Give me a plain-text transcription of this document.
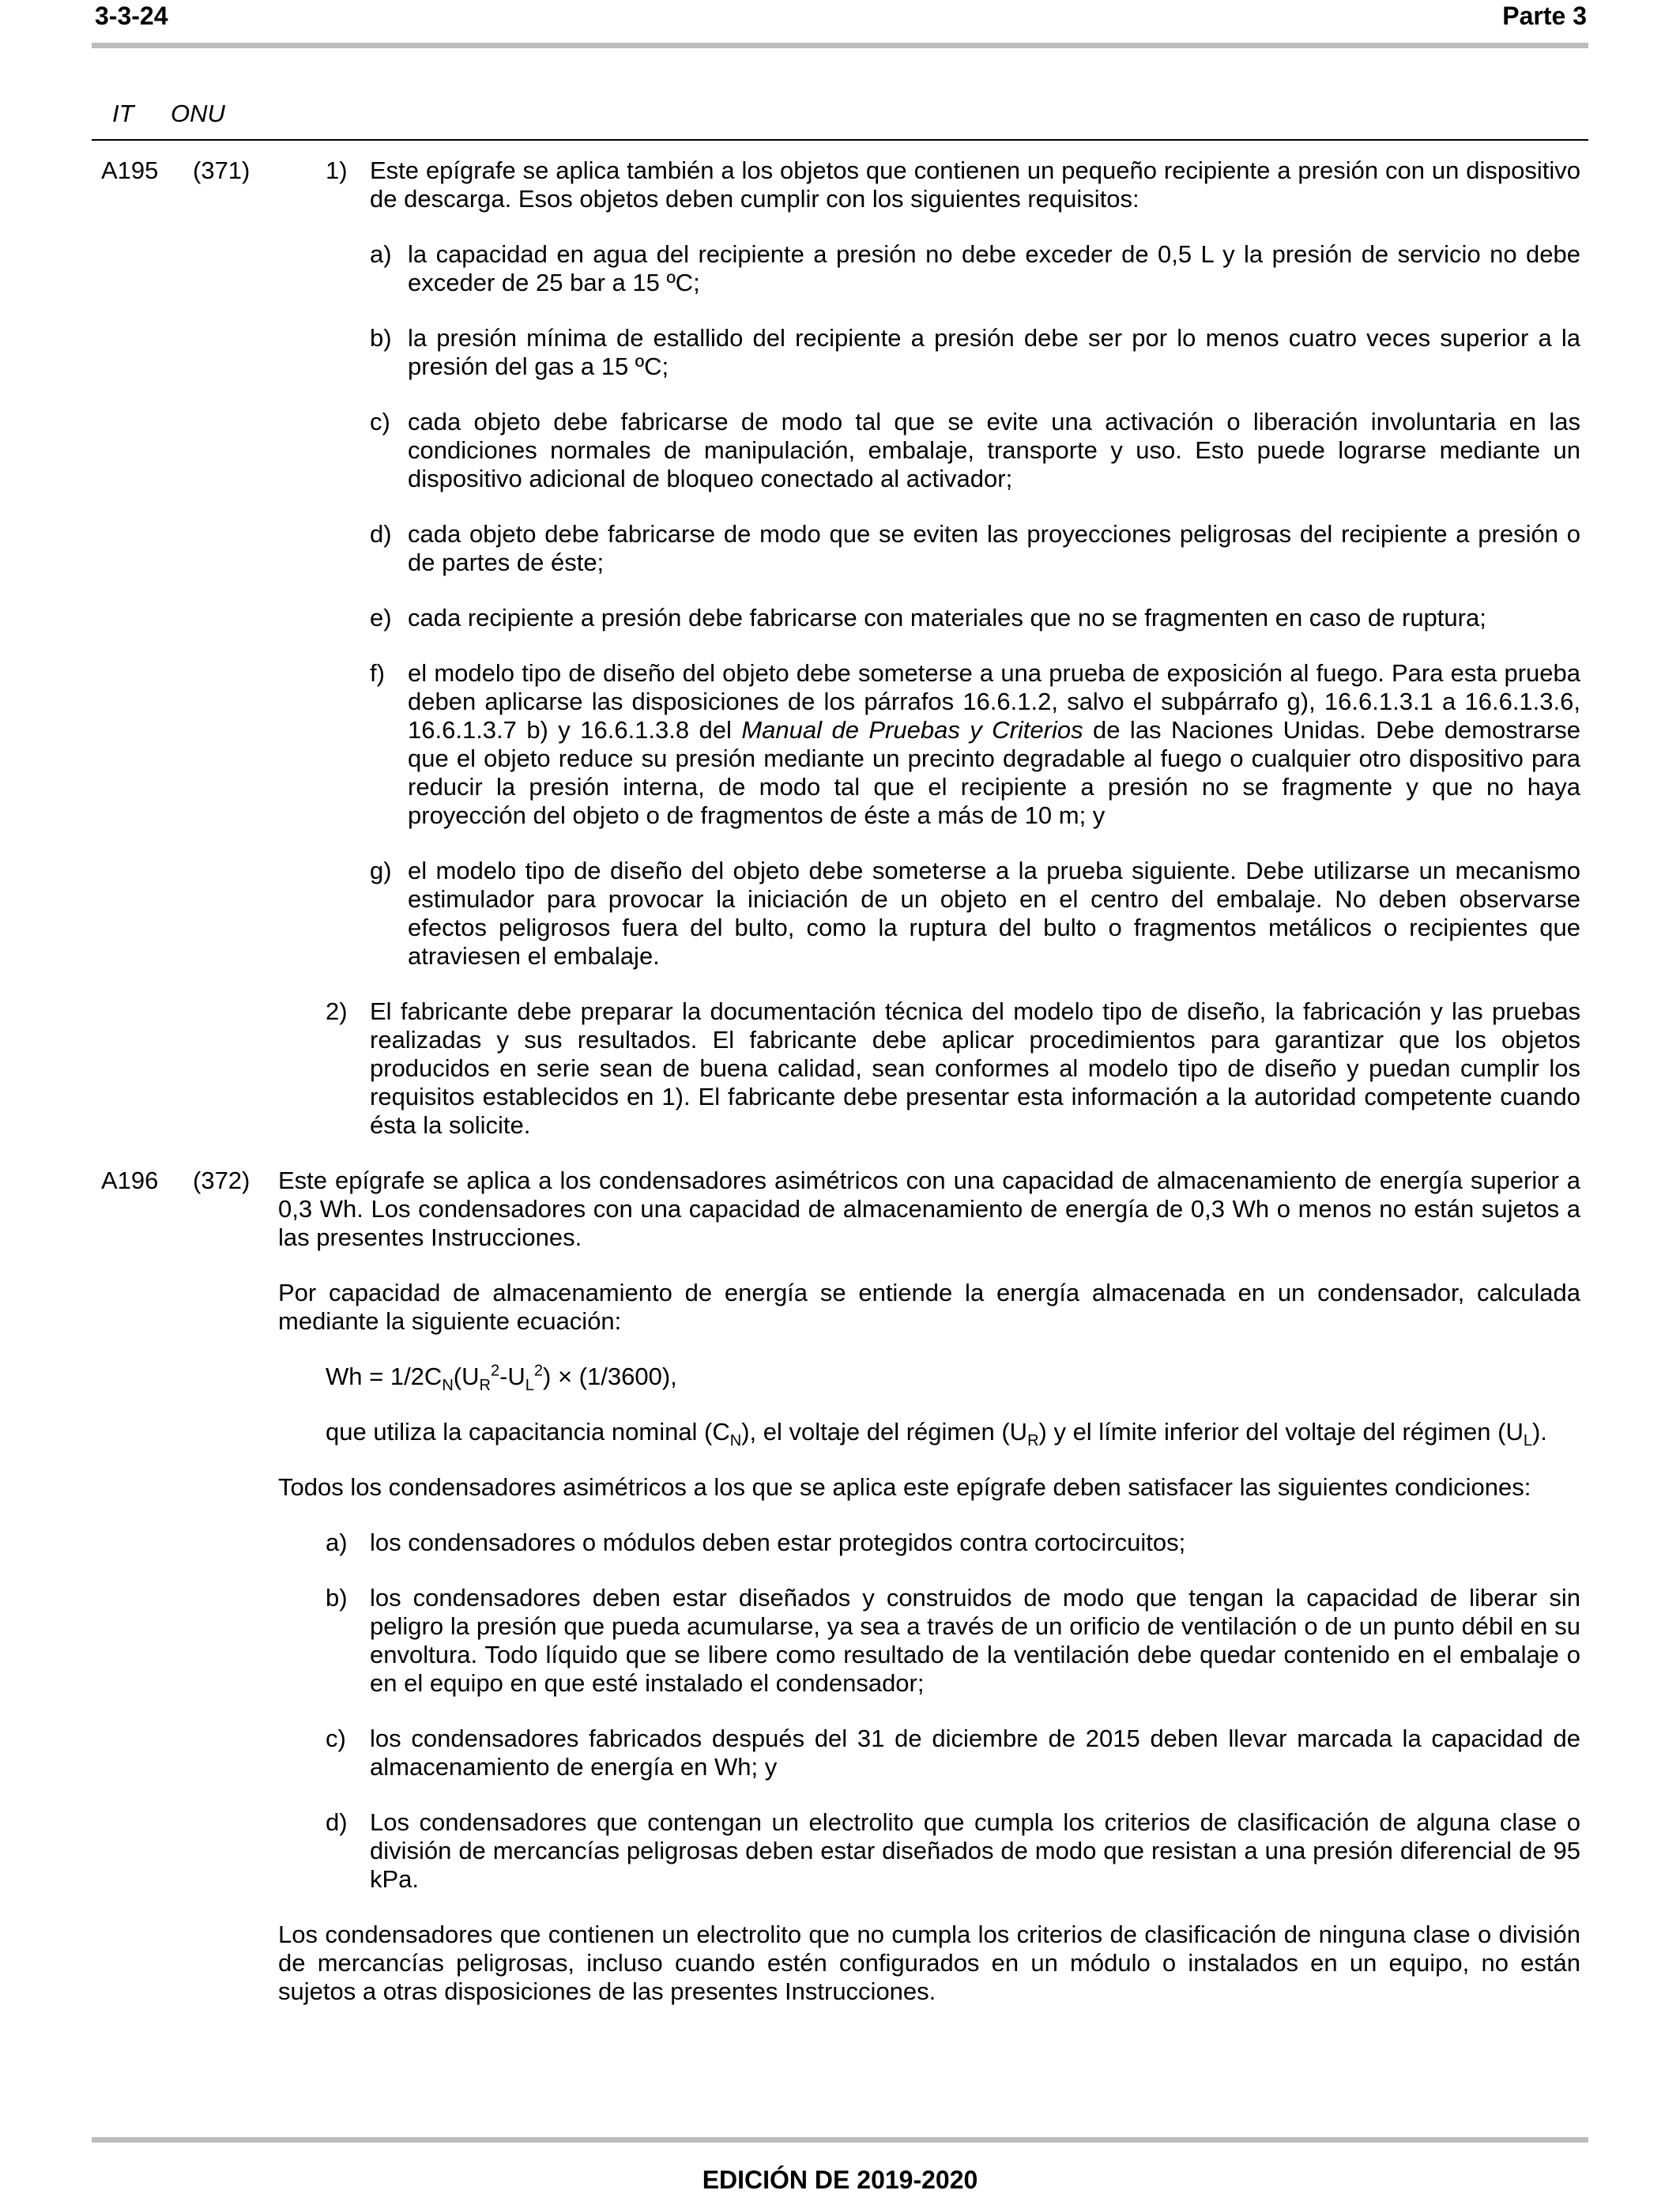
3-3-24	Parte 3
IT ONU
A195 (371)	1) Este epígrafe se aplica también a los objetos que contienen un pequeño recipiente a presión con un dispositivo de descarga. Esos objetos deben cumplir con los siguientes requisitos:

a) la capacidad en agua del recipiente a presión no debe exceder de 0,5 L y la presión de servicio no debe exceder de 25 bar a 15 ºC;

b) la presión mínima de estallido del recipiente a presión debe ser por lo menos cuatro veces superior a la presión del gas a 15 ºC;

c) cada objeto debe fabricarse de modo tal que se evite una activación o liberación involuntaria en las condiciones normales de manipulación, embalaje, transporte y uso. Esto puede lograrse mediante un dispositivo adicional de bloqueo conectado al activador;

d) cada objeto debe fabricarse de modo que se eviten las proyecciones peligrosas del recipiente a presión o de partes de éste;

e) cada recipiente a presión debe fabricarse con materiales que no se fragmenten en caso de ruptura;

f) el modelo tipo de diseño del objeto debe someterse a una prueba de exposición al fuego. Para esta prueba deben aplicarse las disposiciones de los párrafos 16.6.1.2, salvo el subpárrafo g), 16.6.1.3.1 a 16.6.1.3.6, 16.6.1.3.7 b) y 16.6.1.3.8 del Manual de Pruebas y Criterios de las Naciones Unidas. Debe demostrarse que el objeto reduce su presión mediante un precinto degradable al fuego o cualquier otro dispositivo para reducir la presión interna, de modo tal que el recipiente a presión no se fragmente y que no haya proyección del objeto o de fragmentos de éste a más de 10 m; y

g) el modelo tipo de diseño del objeto debe someterse a la prueba siguiente. Debe utilizarse un mecanismo estimulador para provocar la iniciación de un objeto en el centro del embalaje. No deben observarse efectos peligrosos fuera del bulto, como la ruptura del bulto o fragmentos metálicos o recipientes que atraviesen el embalaje.

2) El fabricante debe preparar la documentación técnica del modelo tipo de diseño, la fabricación y las pruebas realizadas y sus resultados. El fabricante debe aplicar procedimientos para garantizar que los objetos producidos en serie sean de buena calidad, sean conformes al modelo tipo de diseño y puedan cumplir los requisitos establecidos en 1). El fabricante debe presentar esta información a la autoridad competente cuando ésta la solicite.

A196 (372) Este epígrafe se aplica a los condensadores asimétricos con una capacidad de almacenamiento de energía superior a 0,3 Wh. Los condensadores con una capacidad de almacenamiento de energía de 0,3 Wh o menos no están sujetos a las presentes Instrucciones.

Por capacidad de almacenamiento de energía se entiende la energía almacenada en un condensador, calculada mediante la siguiente ecuación:

$Wh = 1/2C_N(U_R^2-U_L^2) \times (1/3600)$,

que utiliza la capacitancia nominal $(C_N)$, el voltaje del régimen $(U_R)$ y el límite inferior del voltaje del régimen $(U_L)$.

Todos los condensadores asimétricos a los que se aplica este epígrafe deben satisfacer las siguientes condiciones:

a) los condensadores o módulos deben estar protegidos contra cortocircuitos;

b) los condensadores deben estar diseñados y construidos de modo que tengan la capacidad de liberar sin peligro la presión que pueda acumularse, ya sea a través de un orificio de ventilación o de un punto débil en su envoltura. Todo líquido que se libere como resultado de la ventilación debe quedar contenido en el embalaje o en el equipo en que esté instalado el condensador;

c) los condensadores fabricados después del 31 de diciembre de 2015 deben llevar marcada la capacidad de almacenamiento de energía en Wh; y

d) Los condensadores que contengan un electrolito que cumpla los criterios de clasificación de alguna clase o división de mercancías peligrosas deben estar diseñados de modo que resistan a una presión diferencial de 95 kPa.

Los condensadores que contienen un electrolito que no cumpla los criterios de clasificación de ninguna clase o división de mercancías peligrosas, incluso cuando estén configurados en un módulo o instalados en un equipo, no están sujetos a otras disposiciones de las presentes Instrucciones.

EDICIÓN DE 2019-2020
